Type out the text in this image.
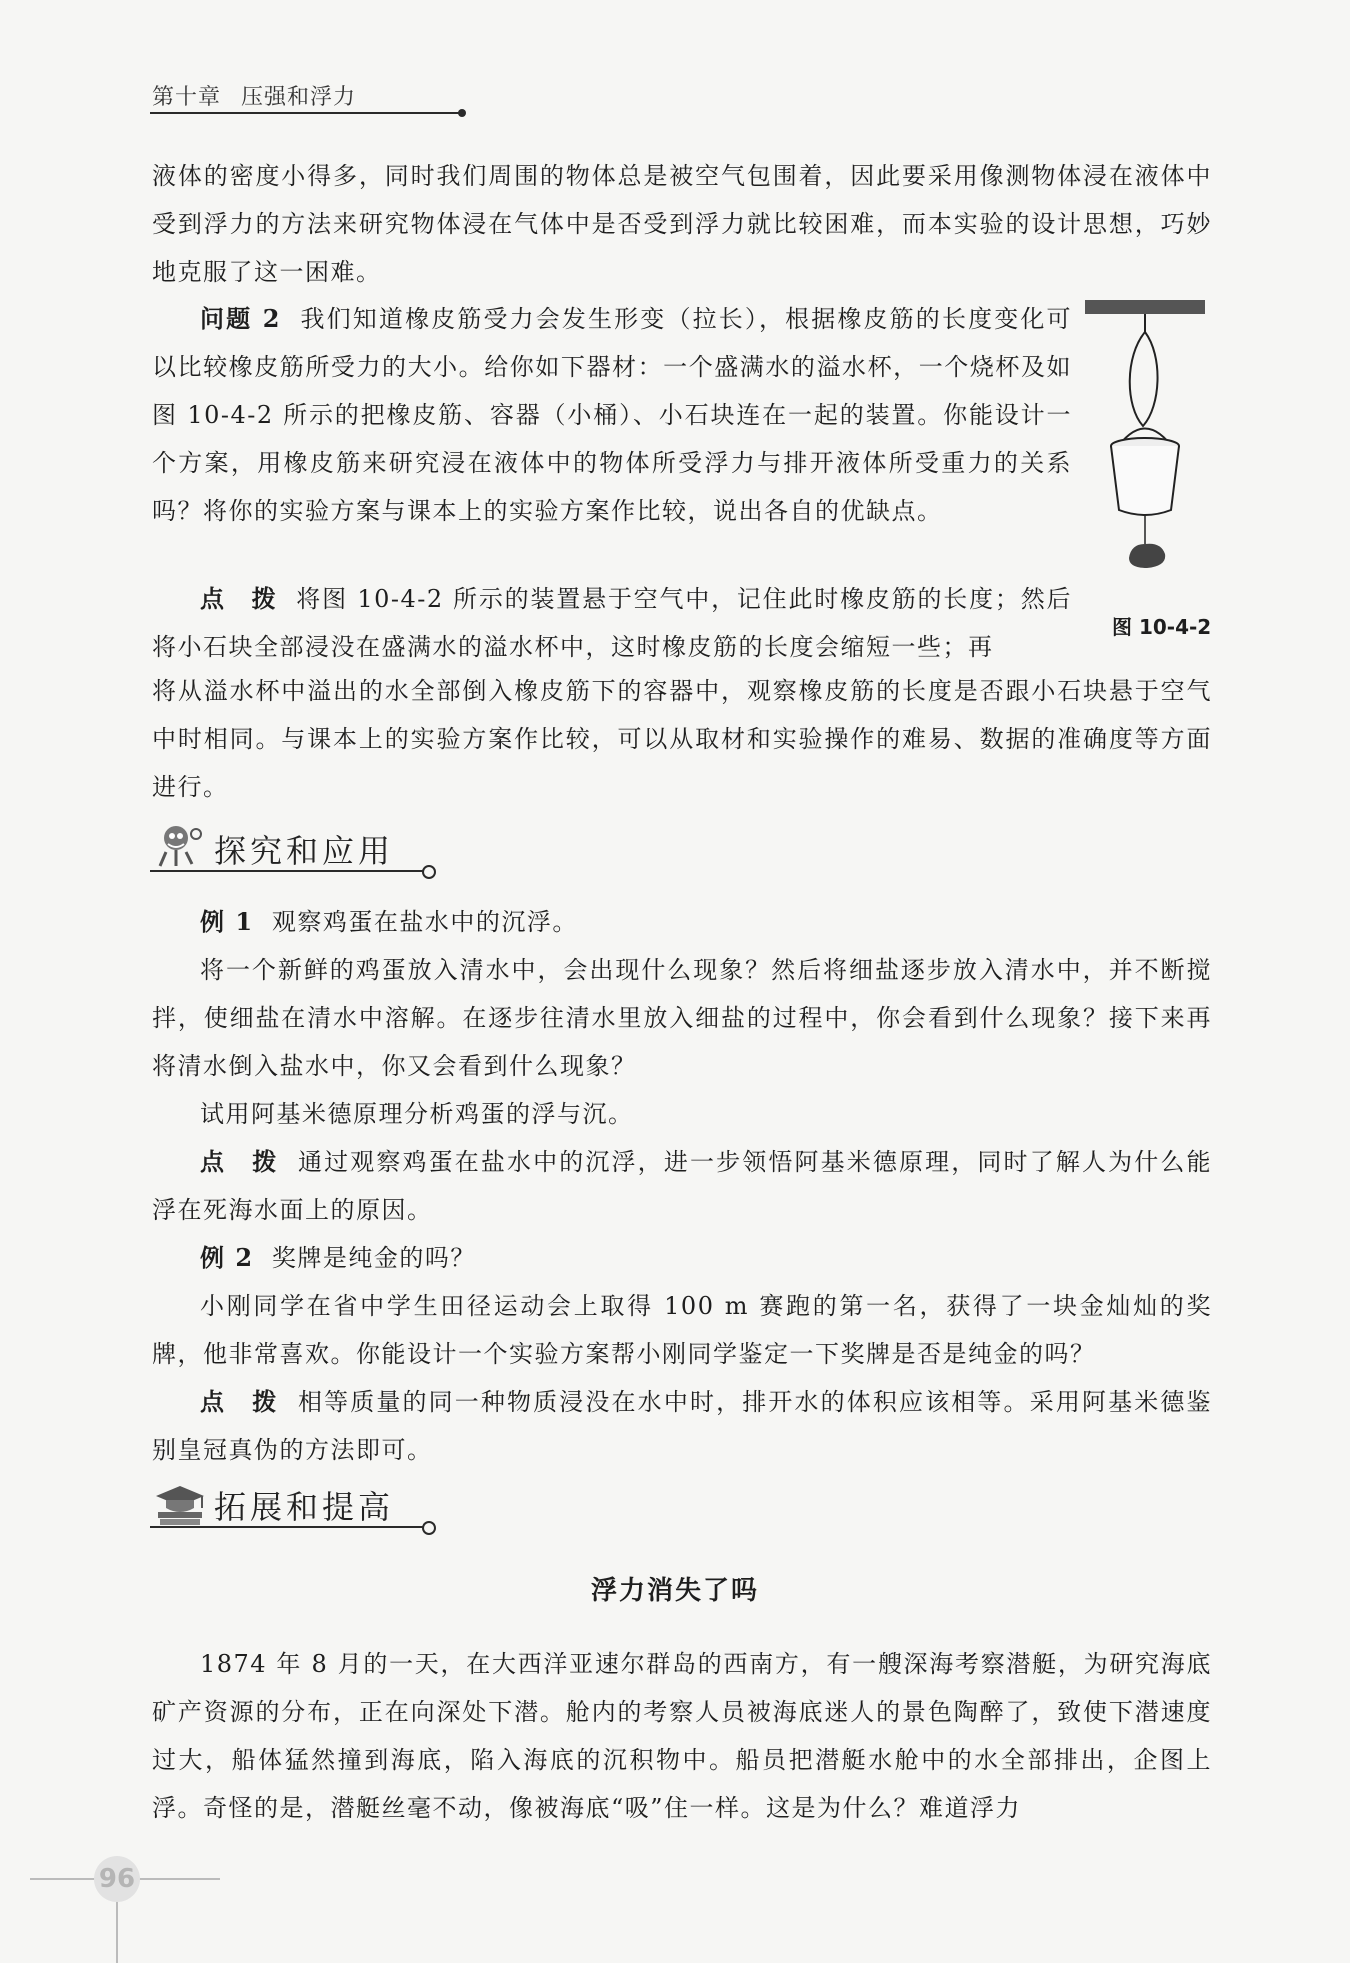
第十章 压强和浮力
液体的密度小得多，同时我们周围的物体总是被空气包围着，因此要采用像测物体浸在液体中受到浮力的方法来研究物体浸在气体中是否受到浮力就比较困难，而本实验的设计思想，巧妙地克服了这一困难。
问题 2 我们知道橡皮筋受力会发生形变（拉长），根据橡皮筋的长度变化可以比较橡皮筋所受力的大小。给你如下器材：一个盛满水的溢水杯，一个烧杯及如图 10-4-2 所示的把橡皮筋、容器（小桶）、小石块连在一起的装置。你能设计一个方案，用橡皮筋来研究浸在液体中的物体所受浮力与排开液体所受重力的关系吗？将你的实验方案与课本上的实验方案作比较，说出各自的优缺点。
点　拨 将图 10-4-2 所示的装置悬于空气中，记住此时橡皮筋的长度；然后将小石块全部浸没在盛满水的溢水杯中，这时橡皮筋的长度会缩短一些；再
将从溢水杯中溢出的水全部倒入橡皮筋下的容器中，观察橡皮筋的长度是否跟小石块悬于空气中时相同。与课本上的实验方案作比较，可以从取材和实验操作的难易、数据的准确度等方面进行。
图 10-4-2
探究和应用
例 1 观察鸡蛋在盐水中的沉浮。
将一个新鲜的鸡蛋放入清水中，会出现什么现象？然后将细盐逐步放入清水中，并不断搅拌，使细盐在清水中溶解。在逐步往清水里放入细盐的过程中，你会看到什么现象？接下来再将清水倒入盐水中，你又会看到什么现象？
试用阿基米德原理分析鸡蛋的浮与沉。
点　拨 通过观察鸡蛋在盐水中的沉浮，进一步领悟阿基米德原理，同时了解人为什么能浮在死海水面上的原因。
例 2 奖牌是纯金的吗？
小刚同学在省中学生田径运动会上取得 100 m 赛跑的第一名，获得了一块金灿灿的奖牌，他非常喜欢。你能设计一个实验方案帮小刚同学鉴定一下奖牌是否是纯金的吗？
点　拨 相等质量的同一种物质浸没在水中时，排开水的体积应该相等。采用阿基米德鉴别皇冠真伪的方法即可。
拓展和提高
浮力消失了吗
1874 年 8 月的一天，在大西洋亚速尔群岛的西南方，有一艘深海考察潜艇，为研究海底矿产资源的分布，正在向深处下潜。舱内的考察人员被海底迷人的景色陶醉了，致使下潜速度过大，船体猛然撞到海底，陷入海底的沉积物中。船员把潜艇水舱中的水全部排出，企图上浮。奇怪的是，潜艇丝毫不动，像被海底“吸”住一样。这是为什么？难道浮力
96
